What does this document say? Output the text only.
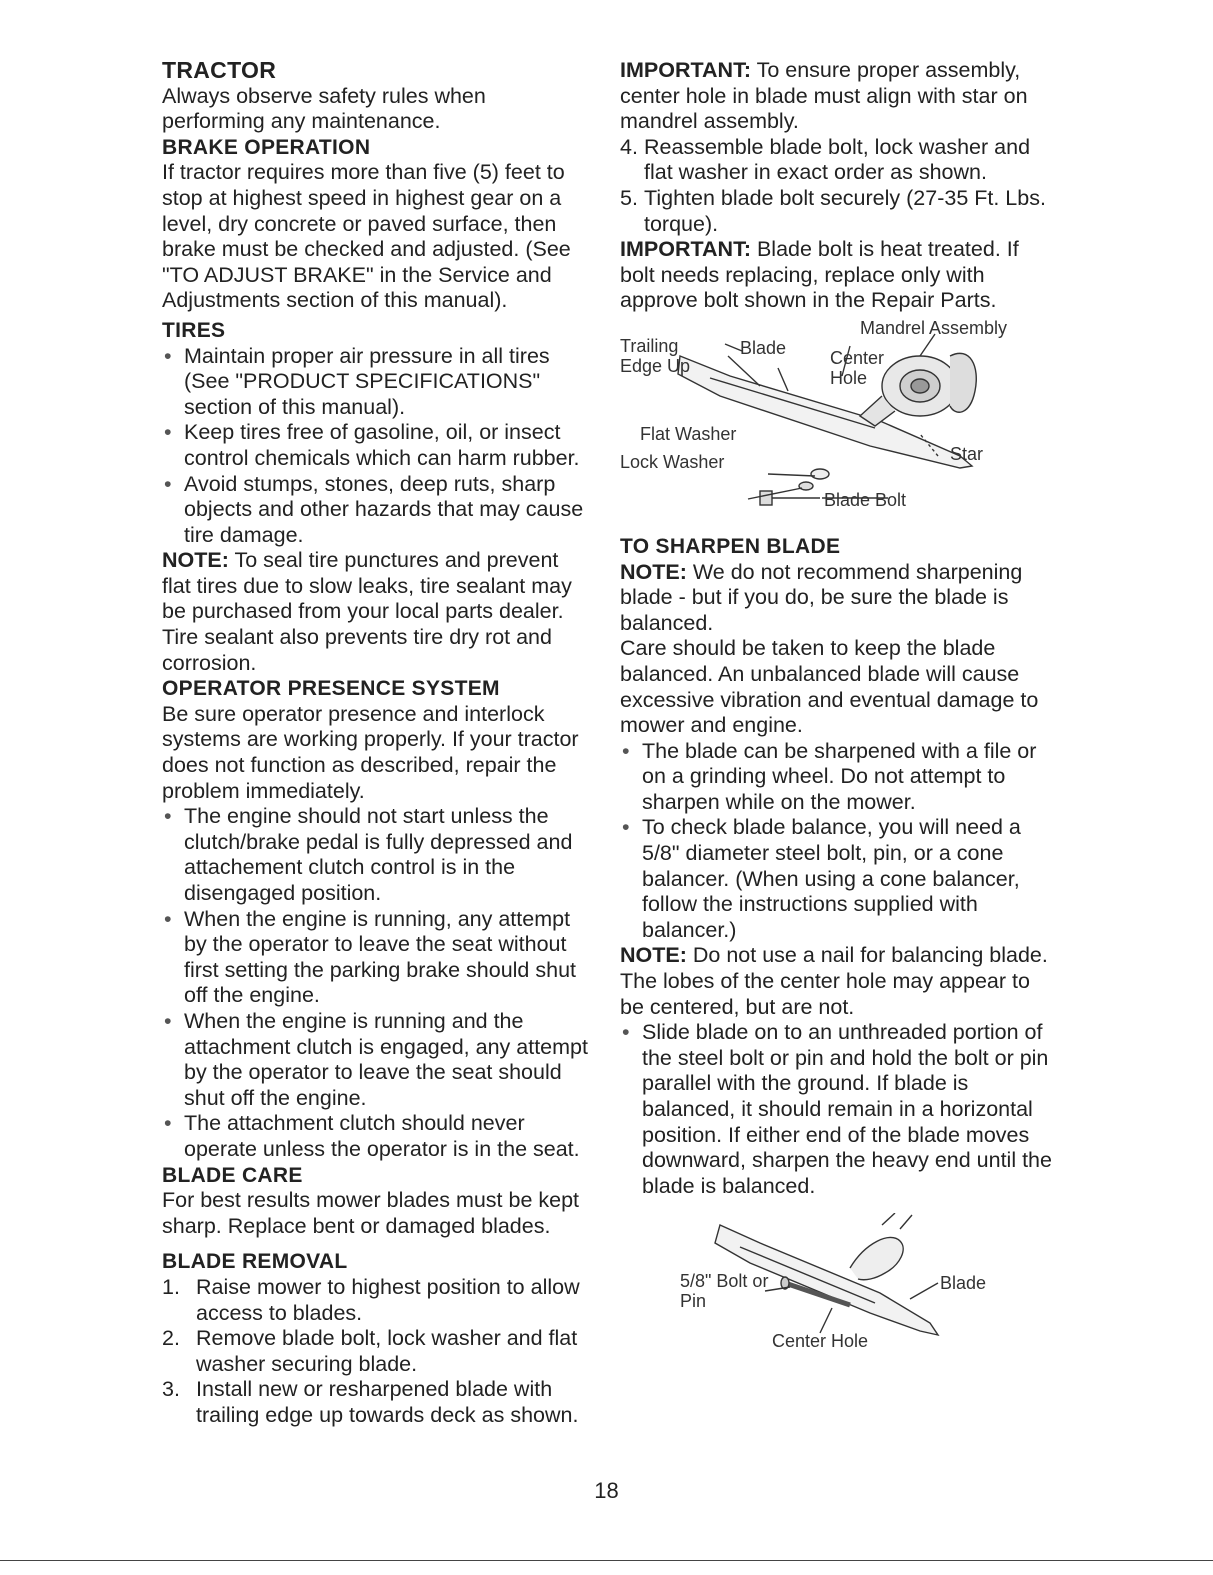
TRACTOR

Always observe safety rules when performing any maintenance.

BRAKE OPERATION

If tractor requires more than five (5) feet to stop at highest speed in highest gear on a level, dry concrete or paved surface, then brake must be checked and adjusted. (See "TO ADJUST BRAKE" in the Service and Adjustments section of this manual).

TIRES
• Maintain proper air pressure in all tires (See "PRODUCT SPECIFICATIONS" section of this manual).
• Keep tires free of gasoline, oil, or insect control chemicals which can harm rubber.
• Avoid stumps, stones, deep ruts, sharp objects and other hazards that may cause tire damage.

NOTE: To seal tire punctures and prevent flat tires due to slow leaks, tire sealant may be purchased from your local parts dealer. Tire sealant also prevents tire dry rot and corrosion.

OPERATOR PRESENCE SYSTEM

Be sure operator presence and interlock systems are working properly. If your tractor does not function as described, repair the problem immediately.

• The engine should not start unless the clutch/brake pedal is fully depressed and attachement clutch control is in the disengaged position.
• When the engine is running, any attempt by the operator to leave the seat without first setting the parking brake should shut off the engine.
• When the engine is running and the attachment clutch is engaged, any attempt by the operator to leave the seat should shut off the engine.
• The attachment clutch should never operate unless the operator is in the seat.
BLADE CARE

For best results mower blades must be kept sharp. Replace bent or damaged blades.

BLADE REMOVAL
1. Raise mower to highest position to allow access to blades.
2. Remove blade bolt, lock washer and flat washer securing blade.
3. Install new or resharpened blade with trailing edge up towards deck as shown.

IMPORTANT: To ensure proper assembly, center hole in blade must align with star on mandrel assembly.

4. Reassemble blade bolt, lock washer and flat washer in exact order as shown.
5. Tighten blade bolt securely (27-35 Ft. Lbs. torque).

IMPORTANT: Blade bolt is heat treated. If bolt needs replacing, replace only with approve bolt shown in the Repair Parts.

Mandrel Assembly
Trailing
Edge Up
Blade Center
Hole
Flat Washer
Star
Lock Washer
Blade Bolt
TO SHARPEN BLADE

NOTE: We do not recommend sharpening blade - but if you do, be sure the blade is balanced.

Care should be taken to keep the blade balanced. An unbalanced blade will cause excessive vibration and eventual damage to mower and engine.

• The blade can be sharpened with a file or on a grinding wheel. Do not attempt to sharpen while on the mower.
• To check blade balance, you will need a 5/8" diameter steel bolt, pin, or a cone balancer. (When using a cone balancer, follow the instructions supplied with balancer.)

NOTE: Do not use a nail for balancing blade. The lobes of the center hole may appear to be centered, but are not.

• Slide blade on to an unthreaded portion of the steel bolt or pin and hold the bolt or pin parallel with the ground. If blade is balanced, it should remain in a horizontal position. If either end of the blade moves downward, sharpen the heavy end until the blade is balanced.
5/8" Bolt or
Pin
Blade
Center Hole
18
